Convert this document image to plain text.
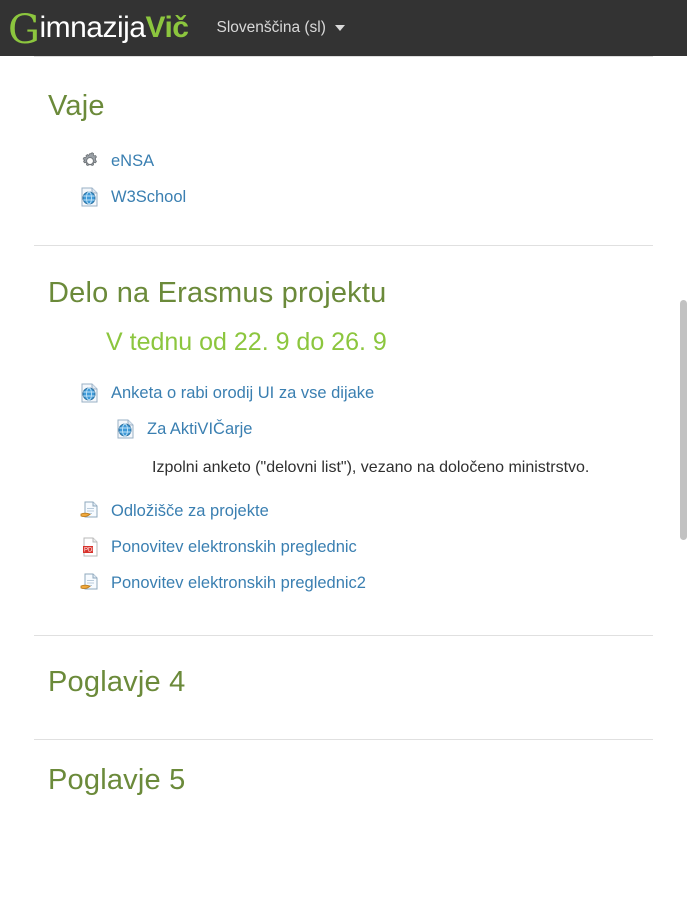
G imnazija Vič Slovenščina (sl)
Vaje
eNSA
W3School
Delo na Erasmus projektu
V tednu od 22. 9 do 26. 9
Anketa o rabi orodij UI za vse dijake
Za AktiVIČarje
Izpolni anketo ("delovni list"), vezano na določeno ministrstvo.
Odložišče za projekte
PDF Ponovitev elektronskih preglednic
Ponovitev elektronskih preglednic2
Poglavje 4
Poglavje 5
